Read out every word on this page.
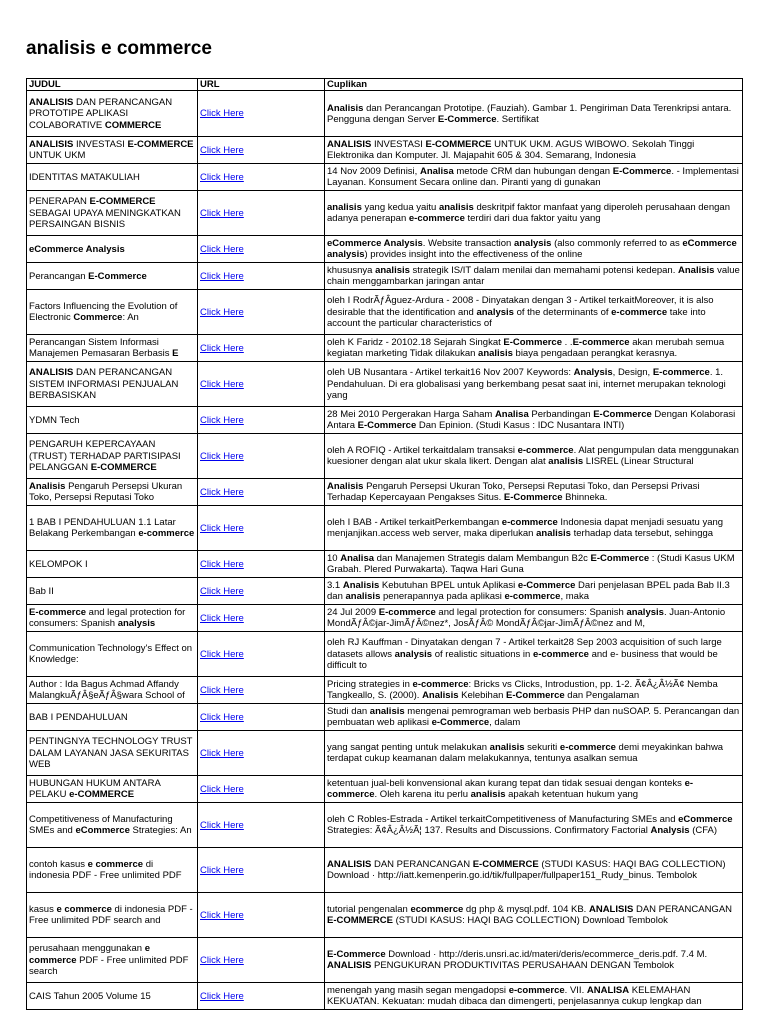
analisis e commerce
JUDUL	URL	Cuplikan
ANALISIS DAN PERANCANGAN PROTOTIPE APLIKASI COLABORATIVE COMMERCE	Click Here	Analisis dan Perancangan Prototipe. (Fauziah). Gambar 1. Pengiriman Data Terenkripsi antara. Pengguna dengan Server E-Commerce. Sertifikat
ANALISIS INVESTASI E-COMMERCE UNTUK UKM	Click Here	ANALISIS INVESTASI E-COMMERCE UNTUK UKM. AGUS WIBOWO. Sekolah Tinggi Elektronika dan Komputer. Jl. Majapahit 605 & 304. Semarang, Indonesia
IDENTITAS MATAKULIAH	Click Here	14 Nov 2009 Definisi, Analisa metode CRM dan hubungan dengan E-Commerce. - Implementasi Layanan. Konsument Secara online dan. Piranti yang di gunakan
PENERAPAN E-COMMERCE SEBAGAI UPAYA MENINGKATKAN PERSAINGAN BISNIS	Click Here	analisis yang kedua yaitu analisis deskritpif faktor manfaat yang diperoleh perusahaan dengan adanya penerapan e-commerce terdiri dari dua faktor yaitu yang
eCommerce Analysis	Click Here	eCommerce Analysis. Website transaction analysis (also commonly referred to as eCommerce analysis) provides insight into the effectiveness of the online
Perancangan E-Commerce	Click Here	khususnya analisis strategik IS/IT dalam menilai dan memahami potensi kedepan. Analisis value chain menggambarkan jaringan antar
Factors Influencing the Evolution of Electronic Commerce: An	Click Here	oleh I RodrÃƒÂguez-Ardura - 2008 - Dinyatakan dengan 3 - Artikel terkaitMoreover, it is also desirable that the identification and analysis of the determinants of e-commerce take into account the particular characteristics of
Perancangan Sistem Informasi Manajemen Pemasaran Berbasis E	Click Here	oleh K Faridz - 20102.18 Sejarah Singkat E-Commerce . .E-commerce akan merubah semua kegiatan marketing Tidak dilakukan analisis biaya pengadaan perangkat kerasnya.
ANALISIS DAN PERANCANGAN SISTEM INFORMASI PENJUALAN BERBASISKAN	Click Here	oleh UB Nusantara - Artikel terkait16 Nov 2007 Keywords: Analysis, Design, E-commerce. 1. Pendahuluan. Di era globalisasi yang berkembang pesat saat ini, internet merupakan teknologi yang
YDMN Tech	Click Here	28 Mei 2010 Pergerakan Harga Saham Analisa Perbandingan E-Commerce Dengan Kolaborasi Antara E-Commerce Dan Epinion. (Studi Kasus : IDC Nusantara INTI)
PENGARUH KEPERCAYAAN (TRUST) TERHADAP PARTISIPASI PELANGGAN E-COMMERCE	Click Here	oleh A ROFIQ - Artikel terkaitdalam transaksi e-commerce. Alat pengumpulan data menggunakan kuesioner dengan alat ukur skala likert. Dengan alat analisis LISREL (Linear Structural
Analisis Pengaruh Persepsi Ukuran Toko, Persepsi Reputasi Toko	Click Here	Analisis Pengaruh Persepsi Ukuran Toko, Persepsi Reputasi Toko, dan Persepsi Privasi Terhadap Kepercayaan Pengakses Situs. E-Commerce Bhinneka.
1 BAB I PENDAHULUAN 1.1 Latar Belakang Perkembangan e-commerce	Click Here	oleh I BAB - Artikel terkaitPerkembangan e-commerce Indonesia dapat menjadi sesuatu yang menjanjikan.access web server, maka diperlukan analisis terhadap data tersebut, sehingga
KELOMPOK I	Click Here	10 Analisa dan Manajemen Strategis dalam Membangun B2c E-Commerce : (Studi Kasus UKM Grabah. Plered Purwakarta). Taqwa Hari Guna
Bab II	Click Here	3.1 Analisis Kebutuhan BPEL untuk Aplikasi e-Commerce Dari penjelasan BPEL pada Bab II.3 dan analisis penerapannya pada aplikasi e-commerce, maka
E-commerce and legal protection for consumers: Spanish analysis	Click Here	24 Jul 2009 E-commerce and legal protection for consumers: Spanish analysis. Juan-Antonio MondÃƒÂ©jar-JimÃƒÂ©nez*, JosÃƒÂ© MondÃƒÂ©jar-JimÃƒÂ©nez and M,
Communication Technology's Effect on Knowledge:	Click Here	oleh RJ Kauffman - Dinyatakan dengan 7 - Artikel terkait28 Sep 2003 acquisition of such large datasets allows analysis of realistic situations in e-commerce and e- business that would be difficult to
Author : Ida Bagus Achmad Affandy MalangkuÃƒÂ§eÃƒÂ§wara School of	Click Here	Pricing strategies in e-commerce: Bricks vs Clicks, Introdustion, pp. 1-2. Ã¢Â¿Â½Ã¢ Nemba Tangkeallo, S. (2000). Analisis Kelebihan E-Commerce dan Pengalaman
BAB I PENDAHULUAN	Click Here	Studi dan analisis mengenai pemrograman web berbasis PHP dan nuSOAP. 5. Perancangan dan pembuatan web aplikasi e-Commerce, dalam
PENTINGNYA TECHNOLOGY TRUST DALAM LAYANAN JASA SEKURITAS WEB	Click Here	yang sangat penting untuk melakukan analisis sekuriti e-commerce demi meyakinkan bahwa terdapat cukup keamanan dalam melakukannya, tentunya asalkan semua
HUBUNGAN HUKUM ANTARA PELAKU e-COMMERCE	Click Here	ketentuan jual-beli konvensional akan kurang tepat dan tidak sesuai dengan konteks e-commerce. Oleh karena itu perlu analisis apakah ketentuan hukum yang
Competitiveness of Manufacturing SMEs and eCommerce Strategies: An	Click Here	oleh C Robles-Estrada - Artikel terkaitCompetitiveness of Manufacturing SMEs and eCommerce Strategies: Ã¢Â¿Â½Ã¦ 137. Results and Discussions. Confirmatory Factorial Analysis (CFA)
contoh kasus e commerce di indonesia PDF - Free unlimited PDF	Click Here	ANALISIS DAN PERANCANGAN E-COMMERCE (STUDI KASUS: HAQI BAG COLLECTION) Download · http://iatt.kemenperin.go.id/tik/fullpaper/fullpaper151_Rudy_binus. Tembolok
kasus e commerce di indonesia PDF - Free unlimited PDF search and	Click Here	tutorial pengenalan ecommerce dg php & mysql.pdf. 104 KB. ANALISIS DAN PERANCANGAN E-COMMERCE (STUDI KASUS: HAQI BAG COLLECTION) Download Tembolok
perusahaan menggunakan e commerce PDF - Free unlimited PDF search	Click Here	E-Commerce Download · http://deris.unsri.ac.id/materi/deris/ecommerce_deris.pdf. 7.4 M. ANALISIS PENGUKURAN PRODUKTIVITAS PERUSAHAAN DENGAN Tembolok
CAIS Tahun 2005 Volume 15	Click Here	menengah yang masih segan mengadopsi e-commerce. VII. ANALISA KELEMAHAN KEKUATAN. Kekuatan: mudah dibaca dan dimengerti, penjelasannya cukup lengkap dan
